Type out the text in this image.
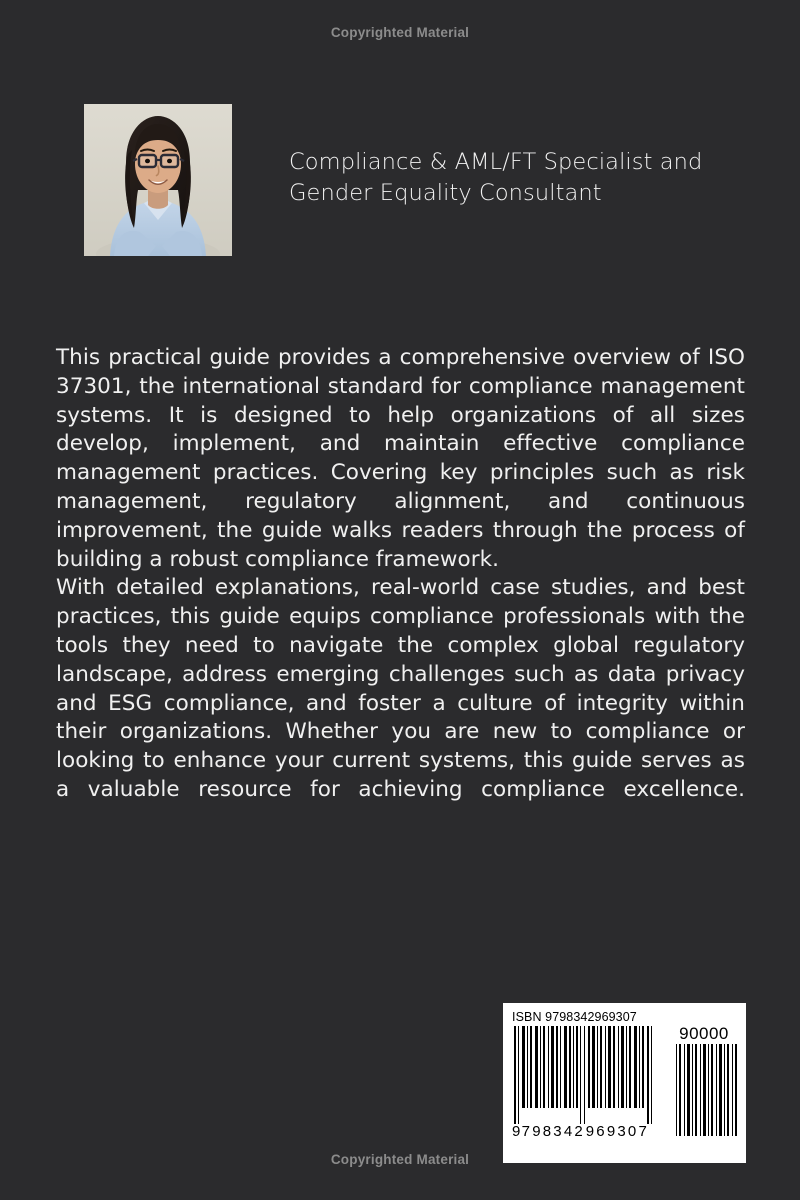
Copyrighted Material
Compliance & AML/FT Specialist and
Gender Equality Consultant

This practical guide provides a comprehensive overview of ISO 37301, the international standard for compliance management systems. It is designed to help organizations of all sizes develop, implement, and maintain effective compliance management practices. Covering key principles such as risk management, regulatory alignment, and continuous improvement, the guide walks readers through the process of building a robust compliance framework.

With detailed explanations, real-world case studies, and best practices, this guide equips compliance professionals with the tools they need to navigate the complex global regulatory landscape, address emerging challenges such as data privacy and ESG compliance, and foster a culture of integrity within their organizations. Whether you are new to compliance or looking to enhance your current systems, this guide serves as a valuable resource for achieving compliance excellence.

ISBN 9798342969307
9 798342 969307
90000
Copyrighted Material
